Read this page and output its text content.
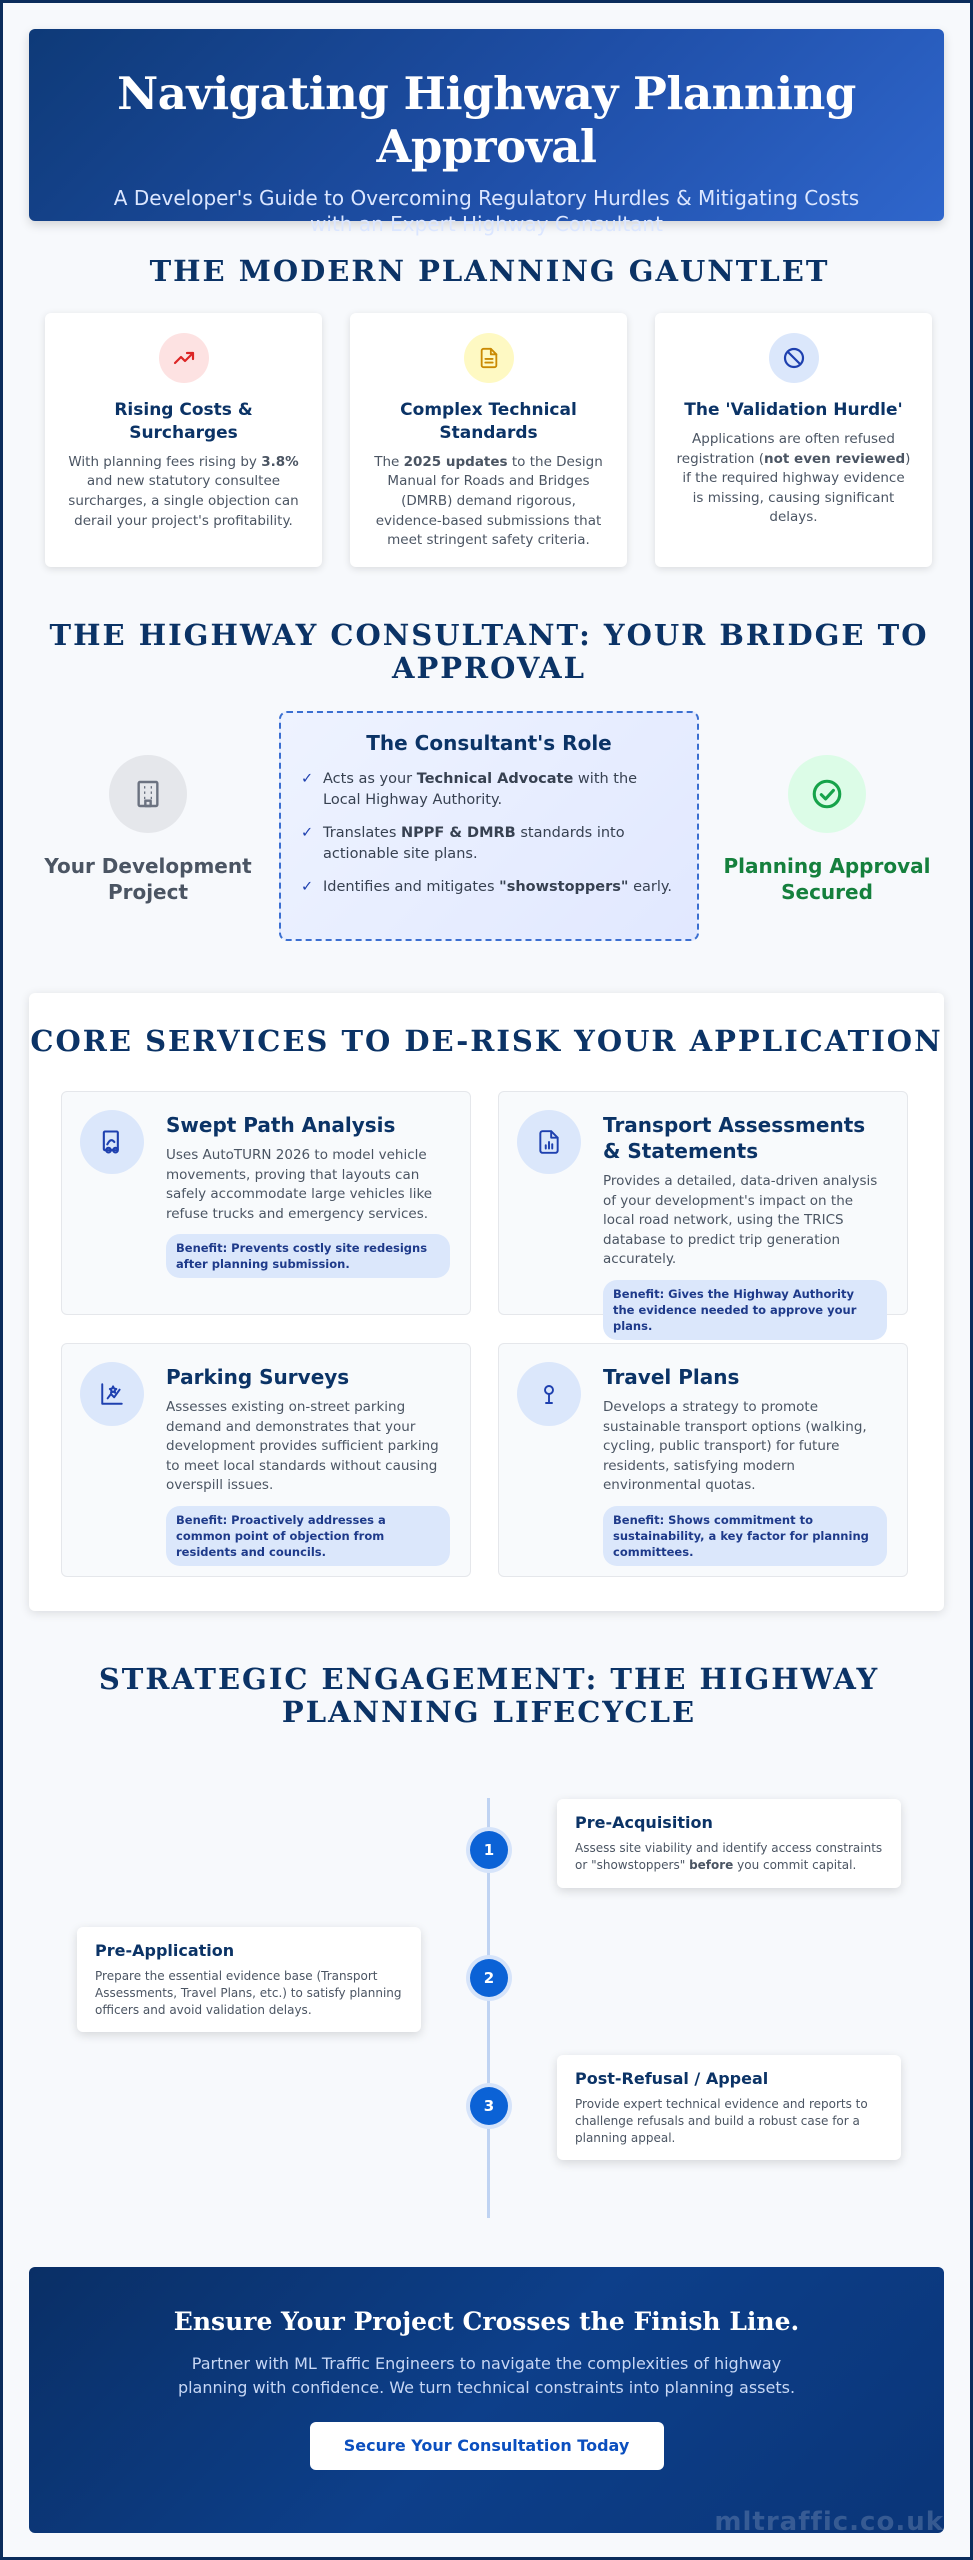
Navigating Highway Planning Approval

A Developer's Guide to Overcoming Regulatory Hurdles & Mitigating Costs with an Expert Highway Consultant

THE MODERN PLANNING GAUNTLET
Rising Costs & Surcharges

With planning fees rising by 3.8% and new statutory consultee surcharges, a single objection can derail your project's profitability.

Complex Technical Standards

The 2025 updates to the Design Manual for Roads and Bridges (DMRB) demand rigorous, evidence-based submissions that meet stringent safety criteria.

The 'Validation Hurdle'

Applications are often refused registration (not even reviewed) if the required highway evidence is missing, causing significant delays.

THE HIGHWAY CONSULTANT: YOUR BRIDGE TO APPROVAL
Your Development Project
The Consultant's Role
✓ Acts as your Technical Advocate with the Local Highway Authority.
✓ Translates NPPF & DMRB standards into actionable site plans.
✓ Identifies and mitigates "showstoppers" early.
Planning Approval Secured
CORE SERVICES TO DE-RISK YOUR APPLICATION
Swept Path Analysis

Uses AutoTURN 2026 to model vehicle movements, proving that layouts can safely accommodate large vehicles like refuse trucks and emergency services.

Benefit: Prevents costly site redesigns after planning submission.
Transport Assessments & Statements

Provides a detailed, data-driven analysis of your development's impact on the local road network, using the TRICS database to predict trip generation accurately.

Benefit: Gives the Highway Authority the evidence needed to approve your plans.
Parking Surveys

Assesses existing on-street parking demand and demonstrates that your development provides sufficient parking to meet local standards without causing overspill issues.

Benefit: Proactively addresses a common point of objection from residents and councils.
Travel Plans

Develops a strategy to promote sustainable transport options (walking, cycling, public transport) for future residents, satisfying modern environmental quotas.

Benefit: Shows commitment to sustainability, a key factor for planning committees.
STRATEGIC ENGAGEMENT: THE HIGHWAY PLANNING LIFECYCLE
1
Pre-Acquisition

Assess site viability and identify access constraints or "showstoppers" before you commit capital.

2
Pre-Application

Prepare the essential evidence base (Transport Assessments, Travel Plans, etc.) to satisfy planning officers and avoid validation delays.

3
Post-Refusal / Appeal

Provide expert technical evidence and reports to challenge refusals and build a robust case for a planning appeal.

Ensure Your Project Crosses the Finish Line.

Partner with ML Traffic Engineers to navigate the complexities of highway planning with confidence. We turn technical constraints into planning assets.

Secure Your Consultation Today
mltraffic.co.uk
